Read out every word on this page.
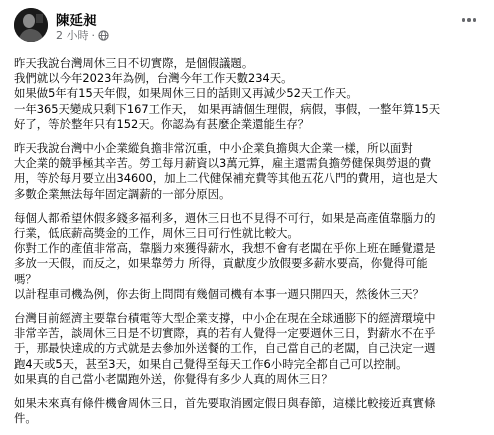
陳延昶
2 小時 ·

昨天我說台灣周休三日不切實際，是個假議題。
我們就以今年2023年為例，台灣今年工作天數234天。
如果做5年有15天年假，如果周休三日的話則又再減少52天工作天。
一年365天變成只剩下167工作天， 如果再請個生理假，病假，事假，一整年算15天
好了，等於整年只有152天。你認為有甚麼企業還能生存？

昨天我說台灣中小企業縱負擔非常沉重，中小企業負擔與大企業一樣，所以面對
大企業的競爭極其辛苦。勞工每月薪資以3萬元算，雇主還需負擔勞健保與勞退的費
用，等於每月要立出34600，加上二代健保補充費等其他五花八門的費用，這也是大
多數企業無法每年固定調薪的一部分原因。

每個人都希望休假多錢多福利多，週休三日也不見得不可行，如果是高產值靠腦力的
行業，低底薪高獎金的工作，周休三日可行性就比較大。
你對工作的產值非常高，靠腦力來獲得薪水，我想不會有老闆在乎你上班在睡覺還是
多放一天假，而反之，如果靠勞力 所得，貢獻度少放假要多薪水要高，你覺得可能
嗎？
以計程車司機為例，你去街上問問有幾個司機有本事一週只開四天，然後休三天？

台灣目前經濟主要靠台積電等大型企業支撐，中小企在現在全球通膨下的經濟環境中
非常辛苦，談周休三日是不切實際，真的若有人覺得一定要週休三日，對薪水不在乎
于，那最快達成的方式就是去參加外送餐的工作，自己當自己的老闆，自己決定一週
跑4天或5天，甚至3天，如果自己覺得至每天工作6小時完全都自己可以控制。
如果真的自己當小老闆跑外送，你覺得有多少人真的周休三日？

如果未來真有條件機會周休三日，首先要取消國定假日與春節，這樣比較接近真實條
件。
